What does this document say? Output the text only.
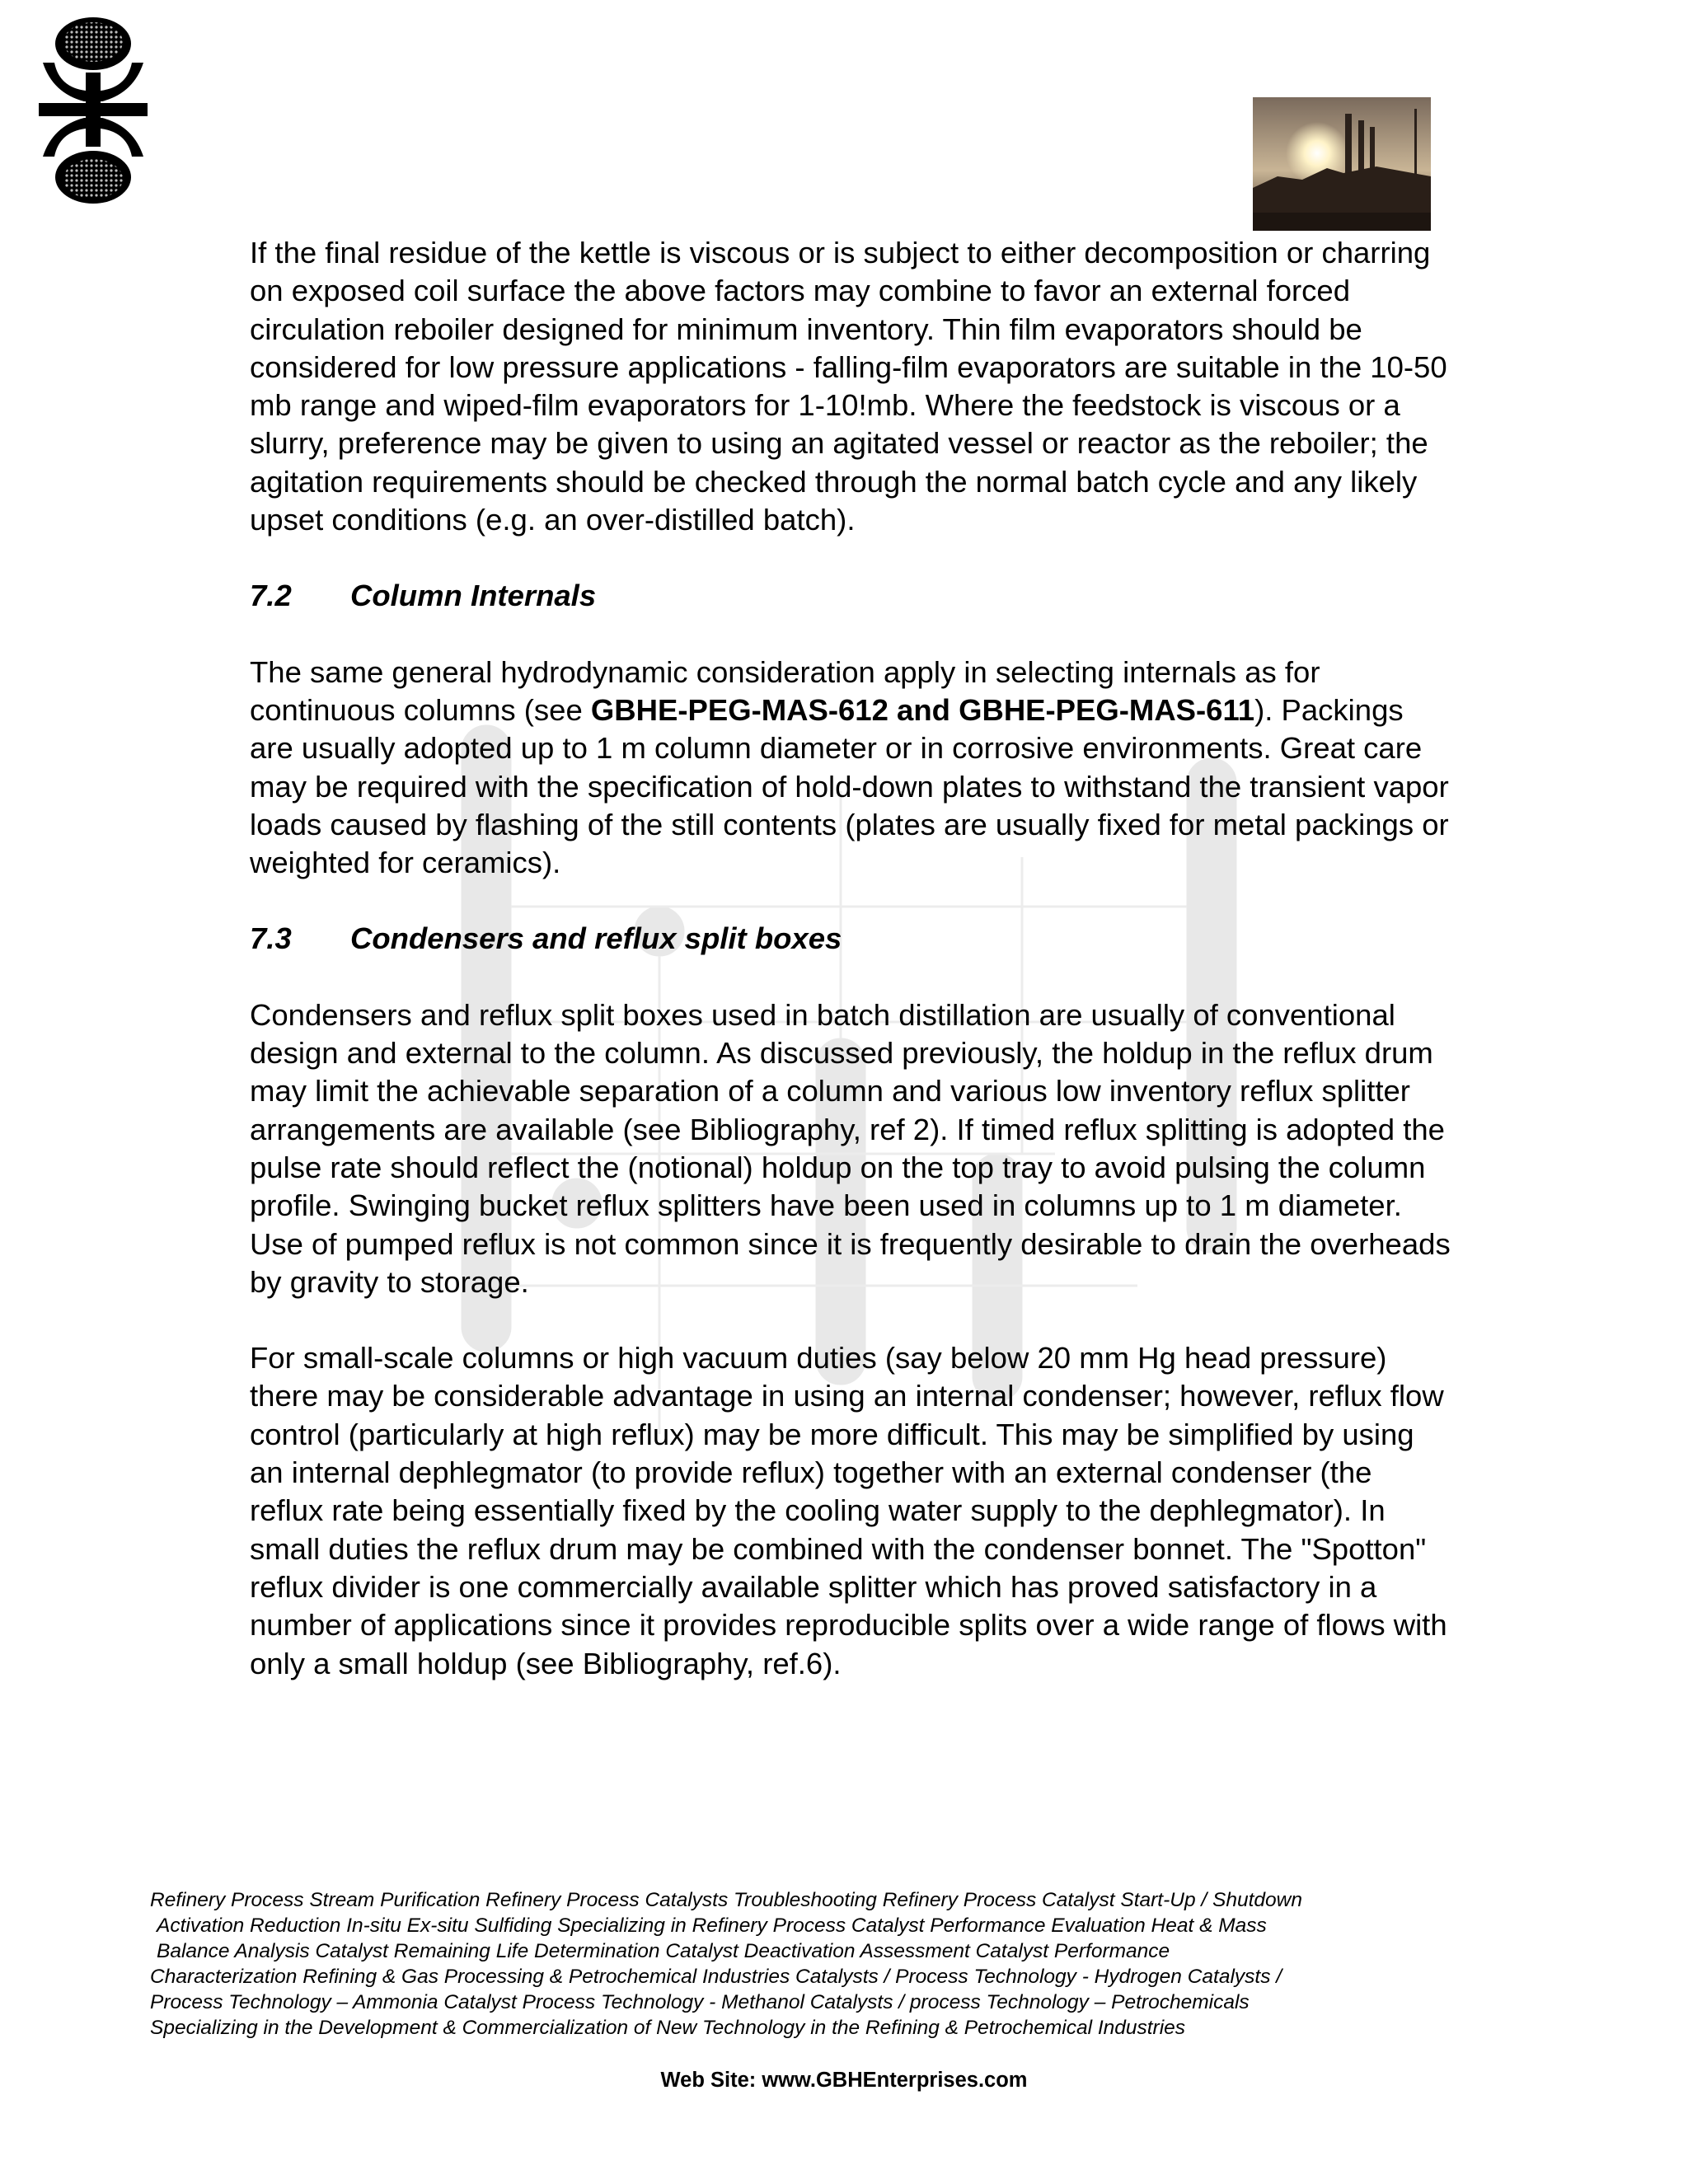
If the final residue of the kettle is viscous or is subject to either decomposition or charring on exposed coil surface the above factors may combine to favor an external forced circulation reboiler designed for minimum inventory. Thin film evaporators should be considered for low pressure applications - falling-film evaporators are suitable in the 10-50 mb range and wiped-film evaporators for 1-10!mb. Where the feedstock is viscous or a slurry, preference may be given to using an agitated vessel or reactor as the reboiler; the agitation requirements should be checked through the normal batch cycle and any likely upset conditions (e.g. an over-distilled batch).

7.2 Column Internals

The same general hydrodynamic consideration apply in selecting internals as for continuous columns (see GBHE-PEG-MAS-612 and GBHE-PEG-MAS-611). Packings are usually adopted up to 1 m column diameter or in corrosive environments. Great care may be required with the specification of hold-down plates to withstand the transient vapor loads caused by flashing of the still contents (plates are usually fixed for metal packings or weighted for ceramics).

7.3 Condensers and reflux split boxes

Condensers and reflux split boxes used in batch distillation are usually of conventional design and external to the column. As discussed previously, the holdup in the reflux drum may limit the achievable separation of a column and various low inventory reflux splitter arrangements are available (see Bibliography, ref 2). If timed reflux splitting is adopted the pulse rate should reflect the (notional) holdup on the top tray to avoid pulsing the column profile. Swinging bucket reflux splitters have been used in columns up to 1 m diameter. Use of pumped reflux is not common since it is frequently desirable to drain the overheads by gravity to storage.

For small-scale columns or high vacuum duties (say below 20 mm Hg head pressure) there may be considerable advantage in using an internal condenser; however, reflux flow control (particularly at high reflux) may be more difficult. This may be simplified by using an internal dephlegmator (to provide reflux) together with an external condenser (the reflux rate being essentially fixed by the cooling water supply to the dephlegmator). In small duties the reflux drum may be combined with the condenser bonnet. The "Spotton" reflux divider is one commercially available splitter which has proved satisfactory in a number of applications since it provides reproducible splits over a wide range of flows with only a small holdup (see Bibliography, ref.6).

Refinery Process Stream Purification Refinery Process Catalysts Troubleshooting Refinery Process Catalyst Start-Up / Shutdown
Activation Reduction In-situ Ex-situ Sulfiding Specializing in Refinery Process Catalyst Performance Evaluation Heat & Mass
Balance Analysis Catalyst Remaining Life Determination Catalyst Deactivation Assessment Catalyst Performance
Characterization Refining & Gas Processing & Petrochemical Industries Catalysts / Process Technology - Hydrogen Catalysts /
Process Technology – Ammonia Catalyst Process Technology - Methanol Catalysts / process Technology – Petrochemicals
Specializing in the Development & Commercialization of New Technology in the Refining & Petrochemical Industries
Web Site: www.GBHEnterprises.com
